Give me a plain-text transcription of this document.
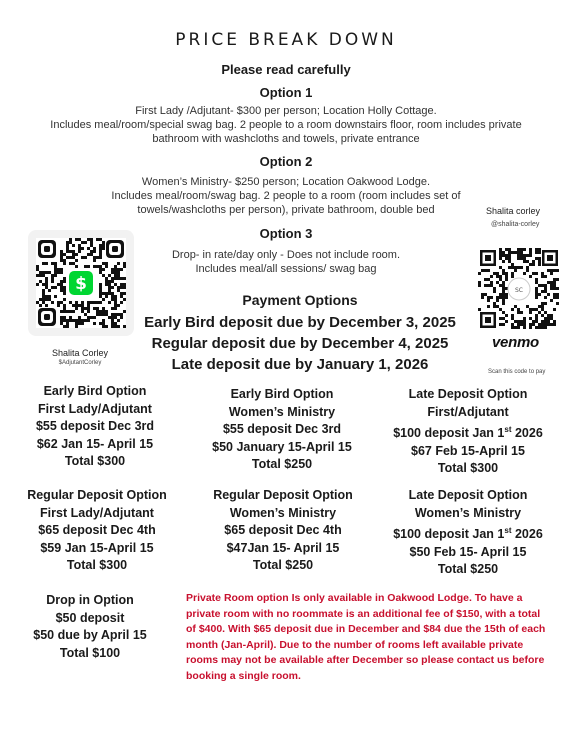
PRICE BREAK DOWN
Please read carefully
Option 1
First Lady /Adjutant- $300 per person; Location Holly Cottage.
Includes meal/room/special swag bag. 2 people to a room downstairs floor, room includes private
bathroom with washcloths and towels, private entrance
Option 2
Women’s Ministry- $250 person; Location Oakwood Lodge.
Includes meal/room/swag bag. 2 people to a room (room includes set of
towels/washcloths per person), private bathroom, double bed
Option 3
Drop- in rate/day only - Does not include room.
Includes meal/all sessions/ swag bag
$
Shalita Corley
$AdjutantCorley
Shalita corley
@shalita-corley
SC
venmo
Scan this code to pay
Payment Options
Early Bird deposit due by December 3, 2025
Regular deposit due by December 4, 2025
Late deposit due by January 1, 2026
Early Bird Option
First Lady/Adjutant
$55 deposit Dec 3rd
$62 Jan 15- April 15
Total $300
Early Bird Option
Women’s Ministry
$55 deposit Dec 3rd
$50 January 15-April 15
Total $250
Late Deposit Option
First/Adjutant
$100 deposit Jan 1st 2026
$67 Feb 15-April 15
Total $300
Regular Deposit Option
First Lady/Adjutant
$65 deposit Dec 4th
$59 Jan 15-April 15
Total $300
Regular Deposit Option
Women’s Ministry
$65 deposit Dec 4th
$47Jan 15- April 15
Total $250
Late Deposit Option
Women’s Ministry
$100 deposit Jan 1st 2026
$50 Feb 15- April 15
Total $250
Drop in Option
$50 deposit
$50 due by April 15
Total $100
Private Room option Is only available in Oakwood Lodge. To have a private room with no roommate is an additional fee of $150, with a total of $400. With $65 deposit due in December and $84 due the 15th of each month (Jan-April). Due to the number of rooms left available private rooms may not be available after December so please contact us before booking a single room.
